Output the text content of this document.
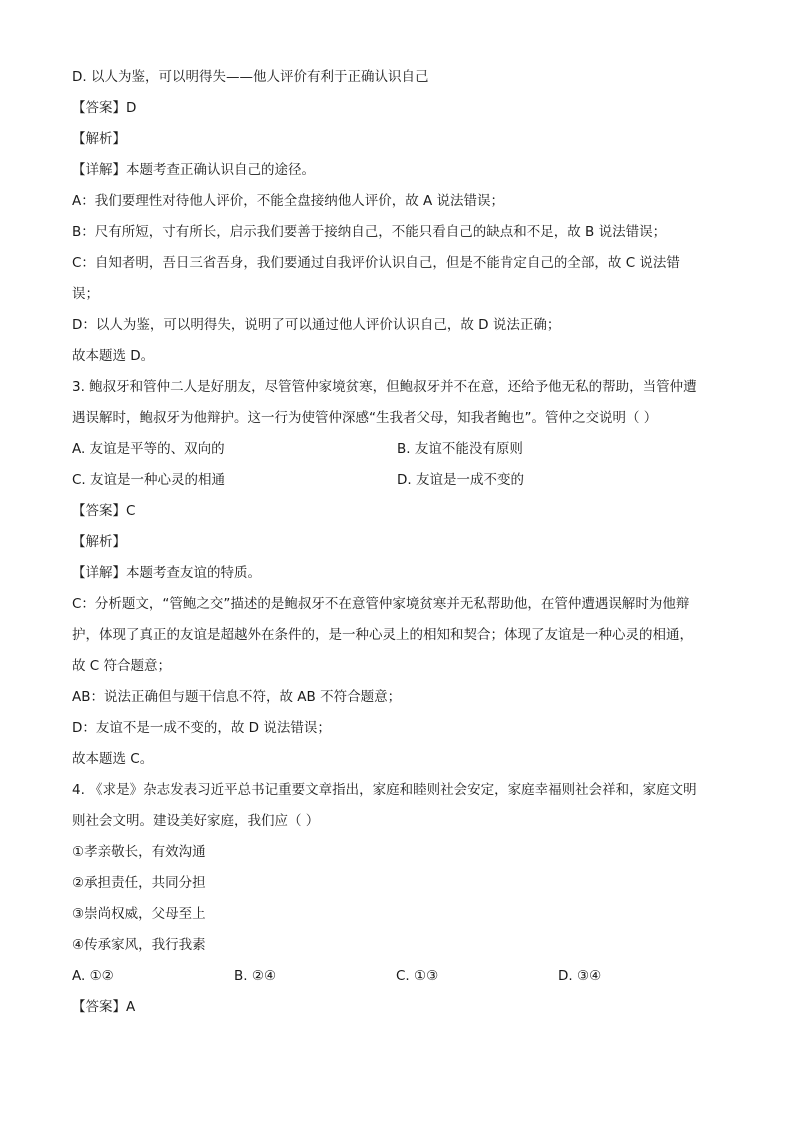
D. 以人为鉴，可以明得失——他人评价有利于正确认识自己
【答案】D
【解析】
【详解】本题考查正确认识自己的途径。
A：我们要理性对待他人评价，不能全盘接纳他人评价，故 A 说法错误；
B：尺有所短，寸有所长，启示我们要善于接纳自己，不能只看自己的缺点和不足，故 B 说法错误；
C：自知者明，吾日三省吾身，我们要通过自我评价认识自己，但是不能肯定自己的全部，故 C 说法错
误；
D：以人为鉴，可以明得失，说明了可以通过他人评价认识自己，故 D 说法正确；
故本题选 D。
3. 鲍叔牙和管仲二人是好朋友，尽管管仲家境贫寒，但鲍叔牙并不在意，还给予他无私的帮助，当管仲遭
遇误解时，鲍叔牙为他辩护。这一行为使管仲深感“生我者父母，知我者鲍也”。管仲之交说明（ ）
A. 友谊是平等的、双向的	B. 友谊不能没有原则
C. 友谊是一种心灵的相通	D. 友谊是一成不变的
【答案】C
【解析】
【详解】本题考查友谊的特质。
C：分析题文，“管鲍之交”描述的是鲍叔牙不在意管仲家境贫寒并无私帮助他，在管仲遭遇误解时为他辩
护，体现了真正的友谊是超越外在条件的，是一种心灵上的相知和契合；体现了友谊是一种心灵的相通，
故 C 符合题意；
AB：说法正确但与题干信息不符，故 AB 不符合题意；
D：友谊不是一成不变的，故 D 说法错误；
故本题选 C。
4. 《求是》杂志发表习近平总书记重要文章指出，家庭和睦则社会安定，家庭幸福则社会祥和，家庭文明
则社会文明。建设美好家庭，我们应（ ）
①孝亲敬长，有效沟通
②承担责任，共同分担
③崇尚权威，父母至上
④传承家风，我行我素
A. ①②	B. ②④	C. ①③	D. ③④
【答案】A
